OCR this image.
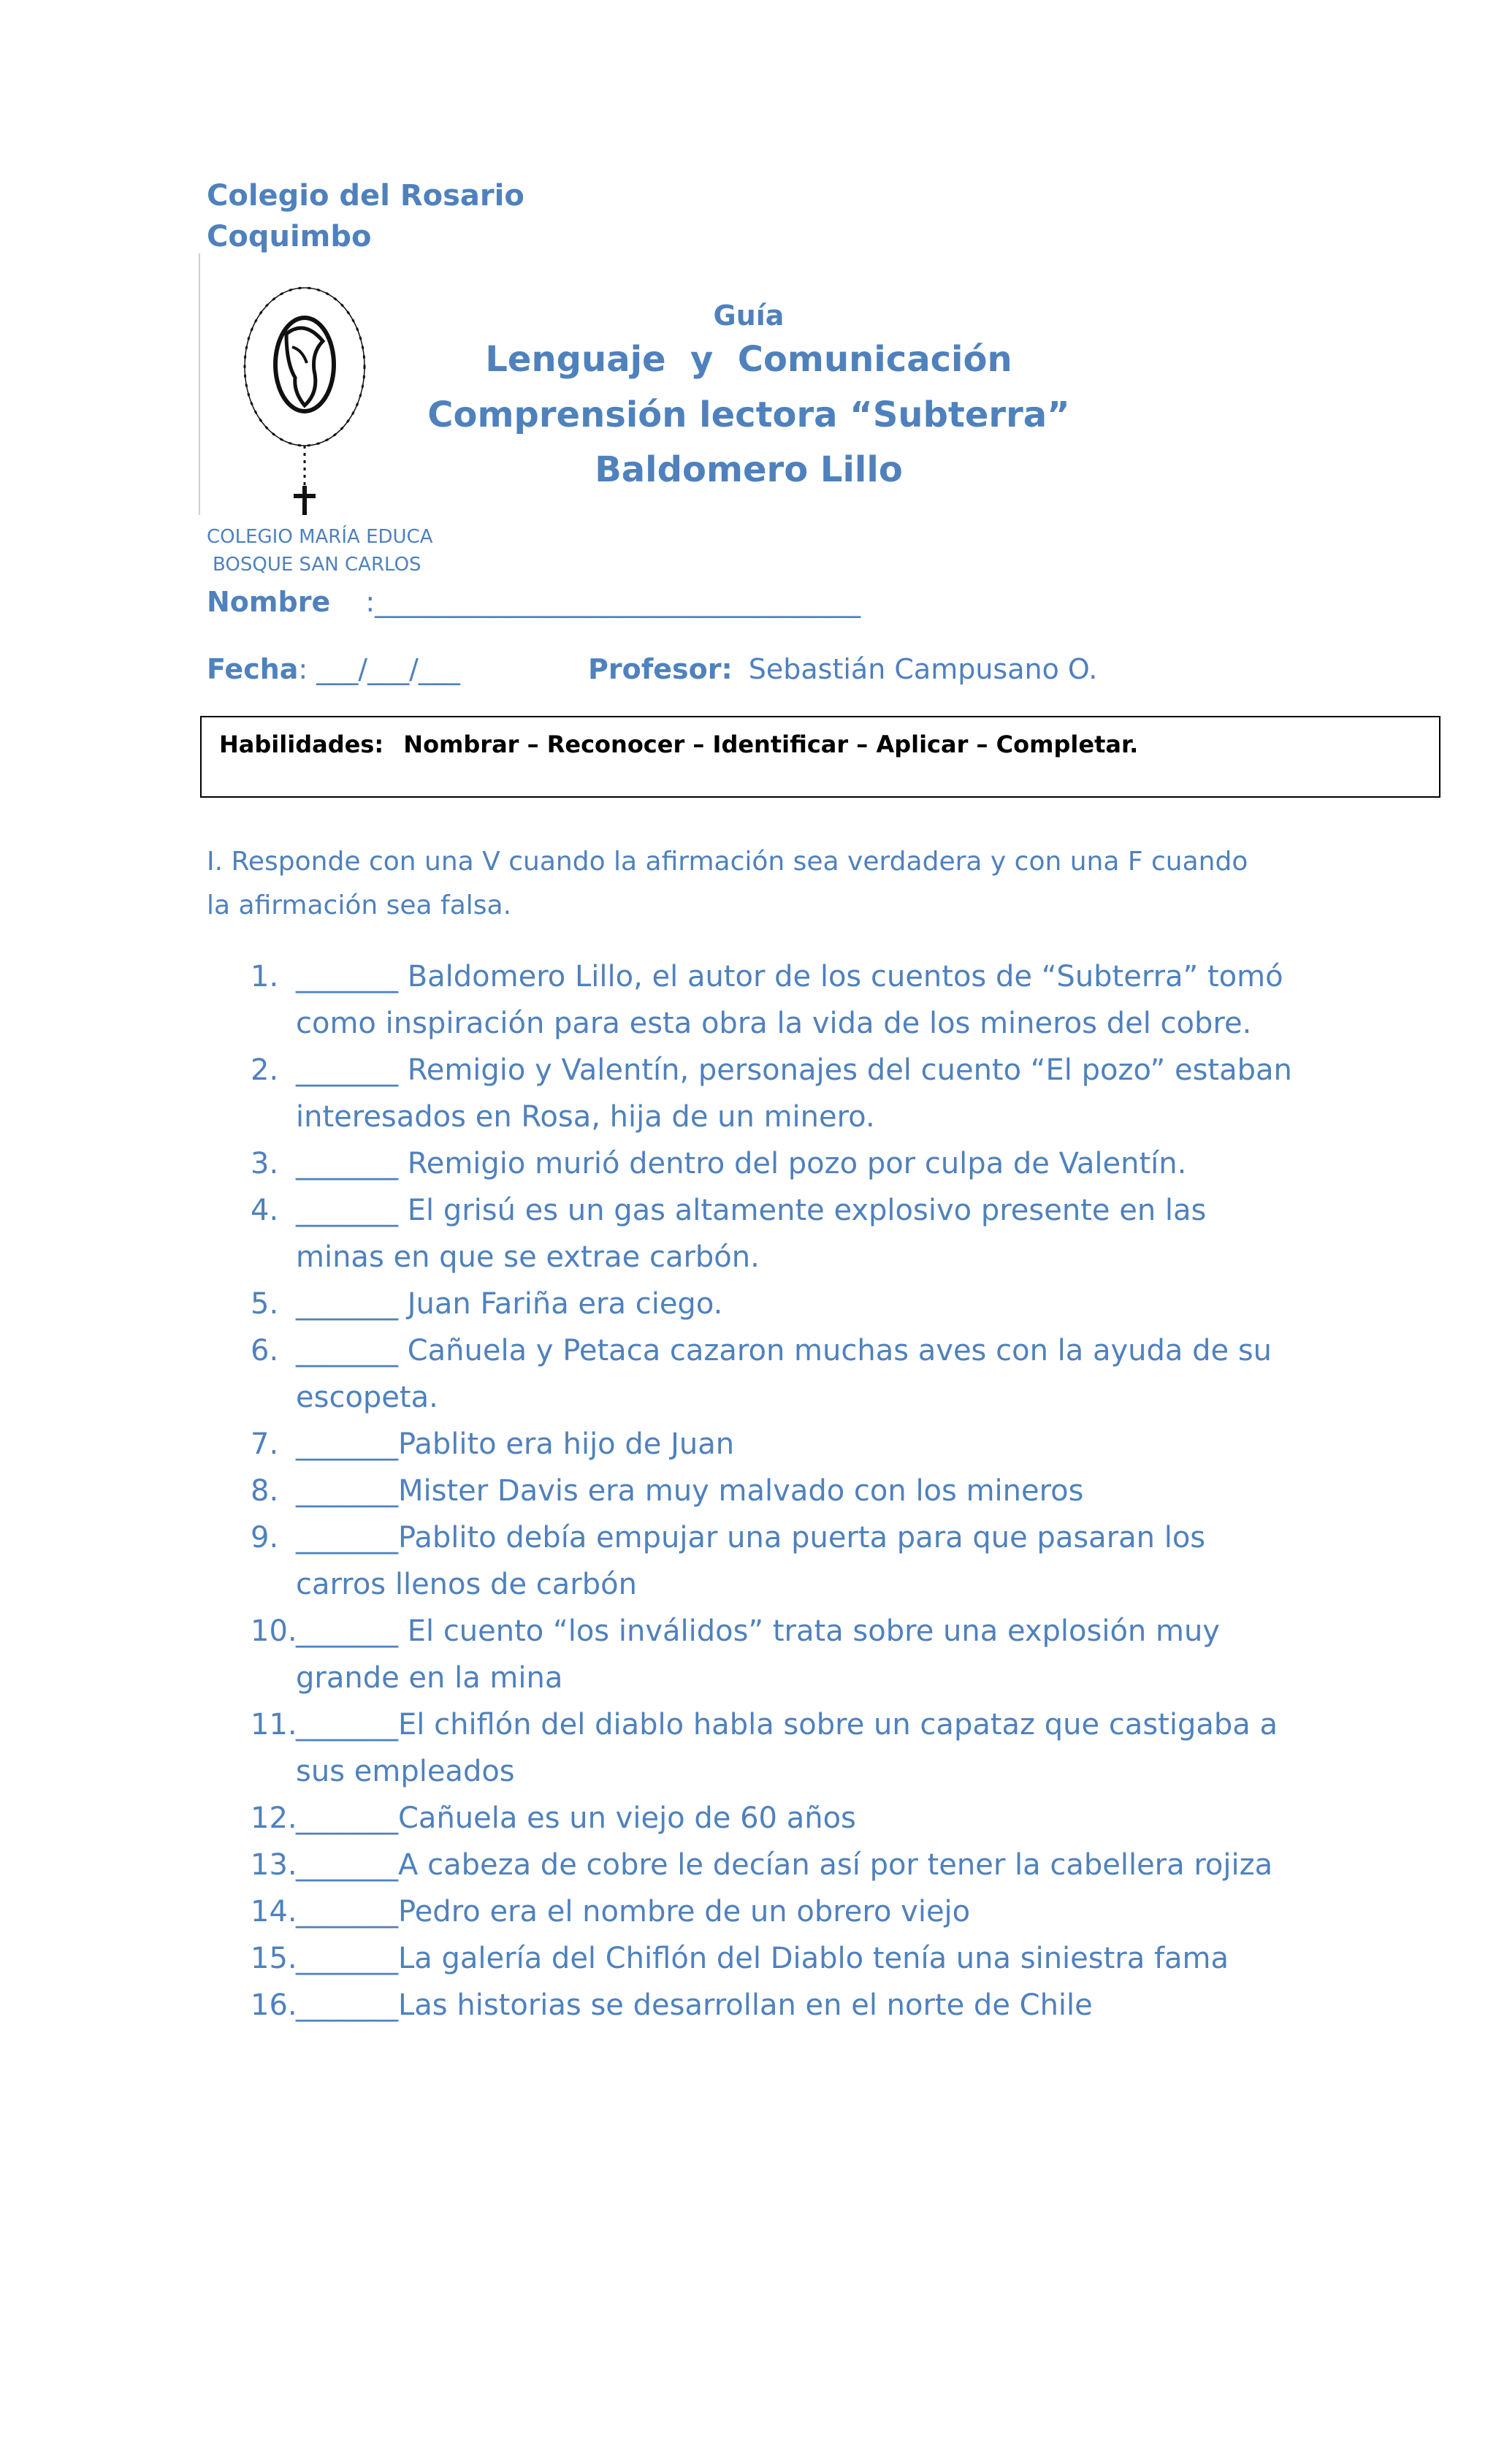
Colegio del Rosario
Coquimbo
COLEGIO MARÍA EDUCA
BOSQUE SAN CARLOS
Guía
Lenguaje  y  Comunicación
Comprensión lectora “Subterra”
Baldomero Lillo
Nombre :___________________________________
Fecha: ___/___/___	Profesor: Sebastián Campusano O.
Habilidades: Nombrar – Reconocer – Identificar – Aplicar – Completar.
I. Responde con una V cuando la afirmación sea verdadera y con una F cuando la afirmación sea falsa.
1. _______ Baldomero Lillo, el autor de los cuentos de “Subterra” tomó como inspiración para esta obra la vida de los mineros del cobre.
2. _______ Remigio y Valentín, personajes del cuento “El pozo” estaban interesados en Rosa, hija de un minero.
3. _______ Remigio murió dentro del pozo por culpa de Valentín.
4. _______ El grisú es un gas altamente explosivo presente en las minas en que se extrae carbón.
5. _______ Juan Fariña era ciego.
6. _______ Cañuela y Petaca cazaron muchas aves con la ayuda de su escopeta.
7. _______Pablito era hijo de Juan
8. _______Mister Davis era muy malvado con los mineros
9. _______Pablito debía empujar una puerta para que pasaran los carros llenos de carbón
10.
_______ El cuento “los inválidos” trata sobre una explosión muy grande en la mina
11.
_______El chiflón del diablo habla sobre un capataz que castigaba a sus empleados
12.
_______Cañuela es un viejo de 60 años
13.
_______A cabeza de cobre le decían así por tener la cabellera rojiza
14.
_______Pedro era el nombre de un obrero viejo
15.
_______La galería del Chiflón del Diablo tenía una siniestra fama
16.
_______Las historias se desarrollan en el norte de Chile
